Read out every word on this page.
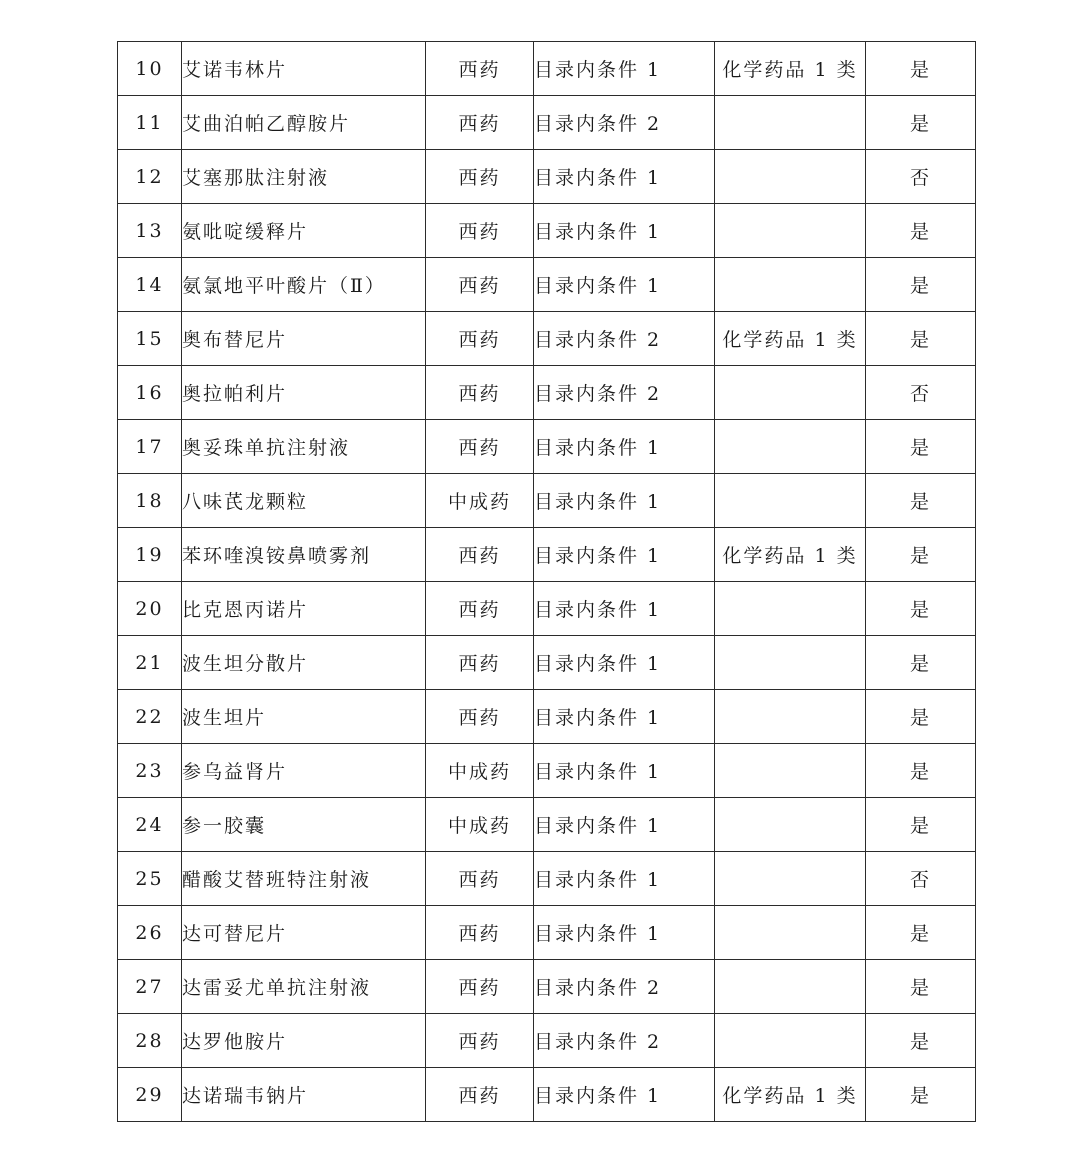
10	艾诺韦林片	西药	目录内条件 1	化学药品 1 类	是
11	艾曲泊帕乙醇胺片	西药	目录内条件 2		是
12	艾塞那肽注射液	西药	目录内条件 1		否
13	氨吡啶缓释片	西药	目录内条件 1		是
14	氨氯地平叶酸片（Ⅱ）	西药	目录内条件 1		是
15	奥布替尼片	西药	目录内条件 2	化学药品 1 类	是
16	奥拉帕利片	西药	目录内条件 2		否
17	奥妥珠单抗注射液	西药	目录内条件 1		是
18	八味芪龙颗粒	中成药	目录内条件 1		是
19	苯环喹溴铵鼻喷雾剂	西药	目录内条件 1	化学药品 1 类	是
20	比克恩丙诺片	西药	目录内条件 1		是
21	波生坦分散片	西药	目录内条件 1		是
22	波生坦片	西药	目录内条件 1		是
23	参乌益肾片	中成药	目录内条件 1		是
24	参一胶囊	中成药	目录内条件 1		是
25	醋酸艾替班特注射液	西药	目录内条件 1		否
26	达可替尼片	西药	目录内条件 1		是
27	达雷妥尤单抗注射液	西药	目录内条件 2		是
28	达罗他胺片	西药	目录内条件 2		是
29	达诺瑞韦钠片	西药	目录内条件 1	化学药品 1 类	是
